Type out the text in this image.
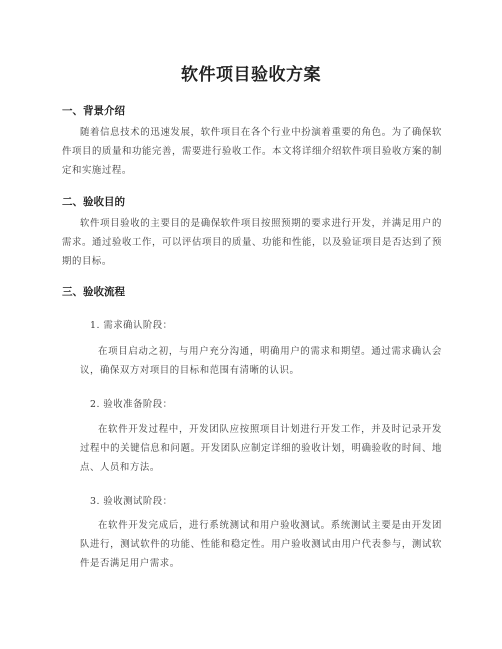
软件项目验收方案
一、背景介绍

随着信息技术的迅速发展，软件项目在各个行业中扮演着重要的角色。为了确保软件项目的质量和功能完善，需要进行验收工作。本文将详细介绍软件项目验收方案的制定和实施过程。

二、验收目的

软件项目验收的主要目的是确保软件项目按照预期的要求进行开发，并满足用户的需求。通过验收工作，可以评估项目的质量、功能和性能，以及验证项目是否达到了预期的目标。

三、验收流程
1. 需求确认阶段：

在项目启动之初，与用户充分沟通，明确用户的需求和期望。通过需求确认会议，确保双方对项目的目标和范围有清晰的认识。

2. 验收准备阶段：

在软件开发过程中，开发团队应按照项目计划进行开发工作，并及时记录开发过程中的关键信息和问题。开发团队应制定详细的验收计划，明确验收的时间、地点、人员和方法。

3. 验收测试阶段：

在软件开发完成后，进行系统测试和用户验收测试。系统测试主要是由开发团队进行，测试软件的功能、性能和稳定性。用户验收测试由用户代表参与，测试软件是否满足用户需求。
